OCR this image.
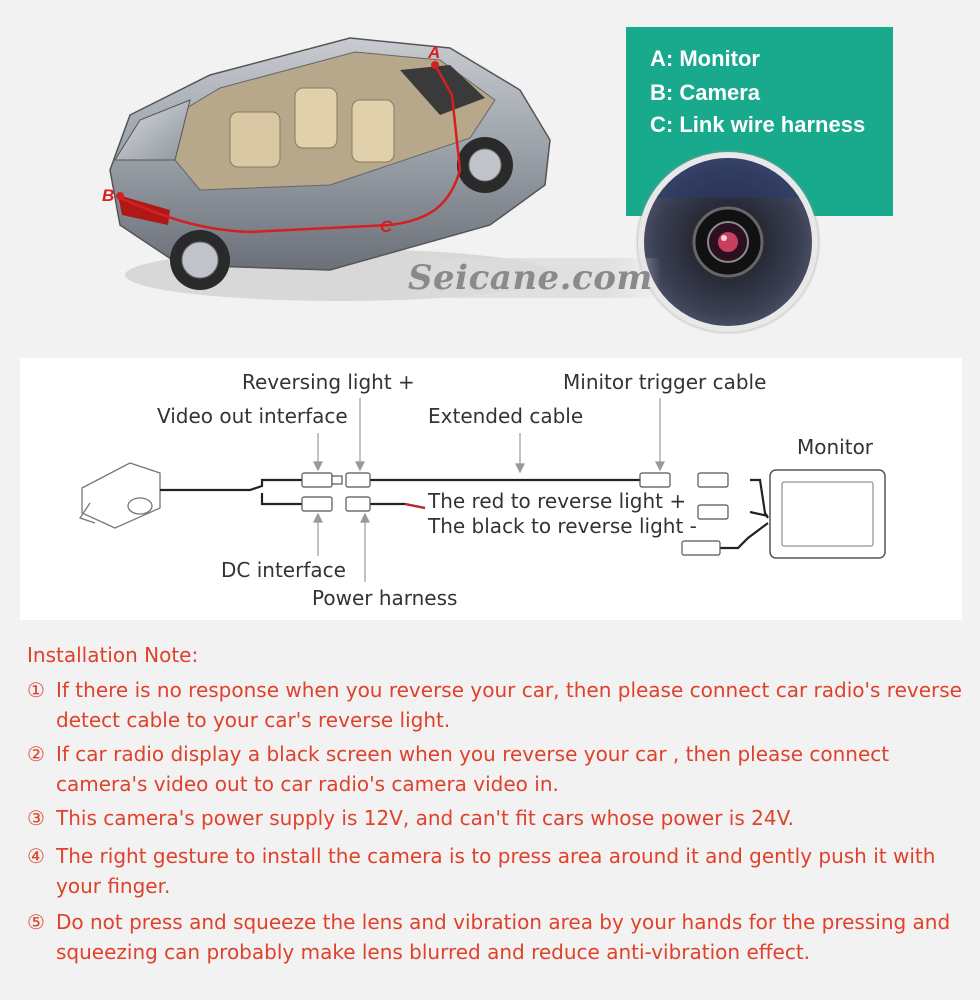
A
B
C
A: Monitor
B: Camera
C: Link wire harness
Seicane.com
Reversing light +
Video out interface	Extended cable
Minitor trigger cable
Monitor
The red to reverse light +
The black to reverse light -
DC interface
Power harness
Installation Note:
① If there is no response when you reverse your car, then please connect car radio's reverse detect cable to your car's reverse light.
② If car radio display a black screen when you reverse your car , then please connect camera's video out to car radio's camera video in.
③ This camera's power supply is 12V, and can't fit cars whose power is 24V.
④ The right gesture to install the camera is to press area around it and gently push it with your finger.
⑤ Do not press and squeeze the lens and vibration area by your hands for the pressing and squeezing can probably make lens blurred and reduce anti-vibration effect.
